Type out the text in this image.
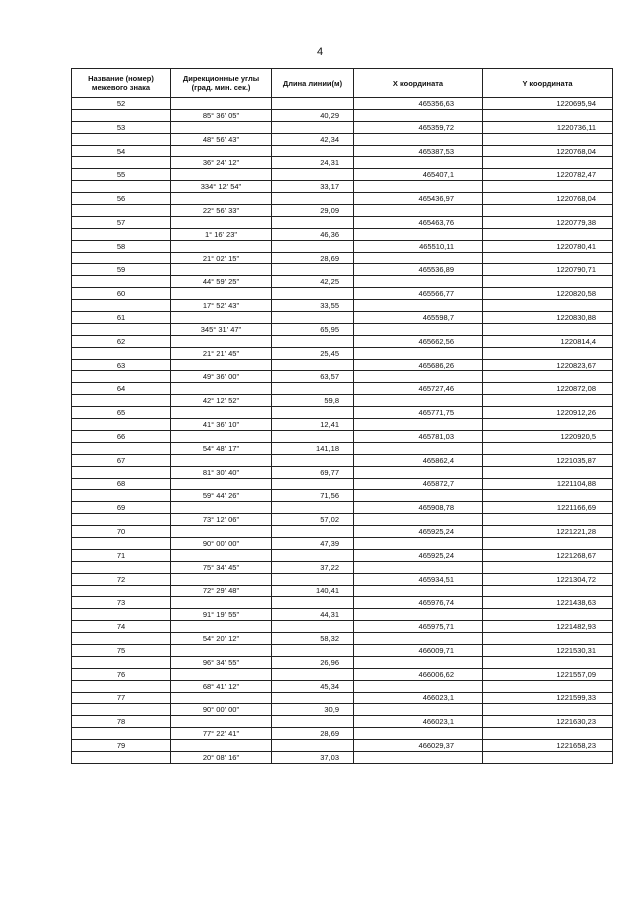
4
Название (номер) межевого знака	Дирекционные углы (град. мин. сек.)	Длина линии(м)	X координата	Y координата
52			465356,63	1220695,94
	85° 36' 05"	40,29		
53			465359,72	1220736,11
	48° 56' 43"	42,34		
54			465387,53	1220768,04
	36° 24' 12"	24,31		
55			465407,1	1220782,47
	334° 12' 54"	33,17		
56			465436,97	1220768,04
	22° 56' 33"	29,09		
57			465463,76	1220779,38
	1° 16' 23"	46,36		
58			465510,11	1220780,41
	21° 02' 15"	28,69		
59			465536,89	1220790,71
	44° 59' 25"	42,25		
60			465566,77	1220820,58
	17° 52' 43"	33,55		
61			465598,7	1220830,88
	345° 31' 47"	65,95		
62			465662,56	1220814,4
	21° 21' 45"	25,45		
63			465686,26	1220823,67
	49° 36' 00"	63,57		
64			465727,46	1220872,08
	42° 12' 52"	59,8		
65			465771,75	1220912,26
	41° 36' 10"	12,41		
66			465781,03	1220920,5
	54° 48' 17"	141,18		
67			465862,4	1221035,87
	81° 30' 40"	69,77		
68			465872,7	1221104,88
	59° 44' 26"	71,56		
69			465908,78	1221166,69
	73° 12' 06"	57,02		
70			465925,24	1221221,28
	90° 00' 00"	47,39		
71			465925,24	1221268,67
	75° 34' 45"	37,22		
72			465934,51	1221304,72
	72° 29' 48"	140,41		
73			465976,74	1221438,63
	91° 19' 55"	44,31		
74			465975,71	1221482,93
	54° 20' 12"	58,32		
75			466009,71	1221530,31
	96° 34' 55"	26,96		
76			466006,62	1221557,09
	68° 41' 12"	45,34		
77			466023,1	1221599,33
	90° 00' 00"	30,9		
78			466023,1	1221630,23
	77° 22' 41"	28,69		
79			466029,37	1221658,23
	20° 08' 16"	37,03		
